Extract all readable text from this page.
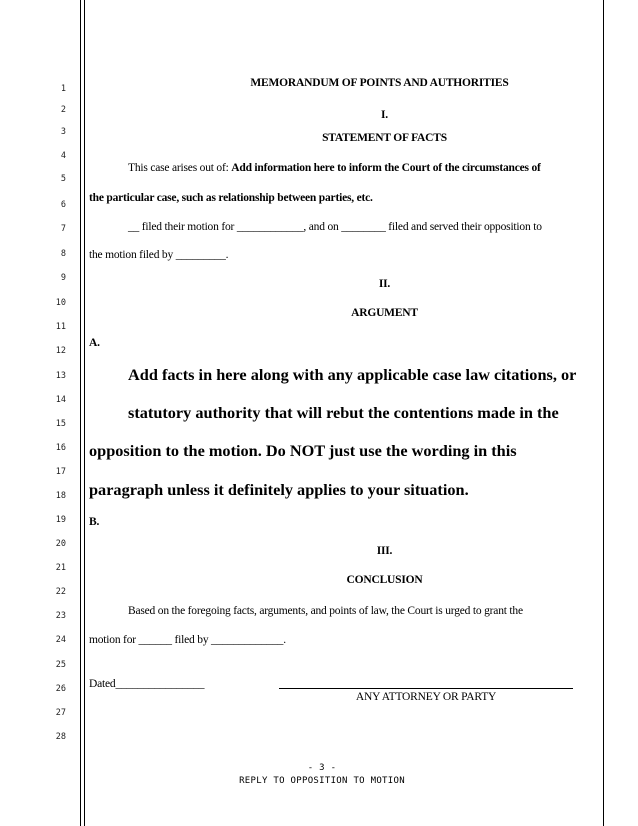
1
2
3
4
5
6
7
8
9
10
11
12
13
14
15
16
17
18
19
20
21
22
23
24
25
26
27
28
MEMORANDUM OF POINTS AND AUTHORITIES
I.
STATEMENT OF FACTS
This case arises out of: Add information here to inform the Court of the circumstances of
the particular case, such as relationship between parties, etc.
__ filed their motion for ____________, and on ________ filed and served their opposition to
the motion filed by _________.
II.
ARGUMENT
A.
Add facts in here along with any applicable case law citations, or
statutory authority that will rebut the contentions made in the
opposition to the motion. Do NOT just use the wording in this
paragraph unless it definitely applies to your situation.
B.
III.
CONCLUSION
Based on the foregoing facts, arguments, and points of law, the Court is urged to grant the
motion for ______ filed by _____________.
Dated________________
ANY ATTORNEY OR PARTY
- 3 -
REPLY TO OPPOSITION TO MOTION
